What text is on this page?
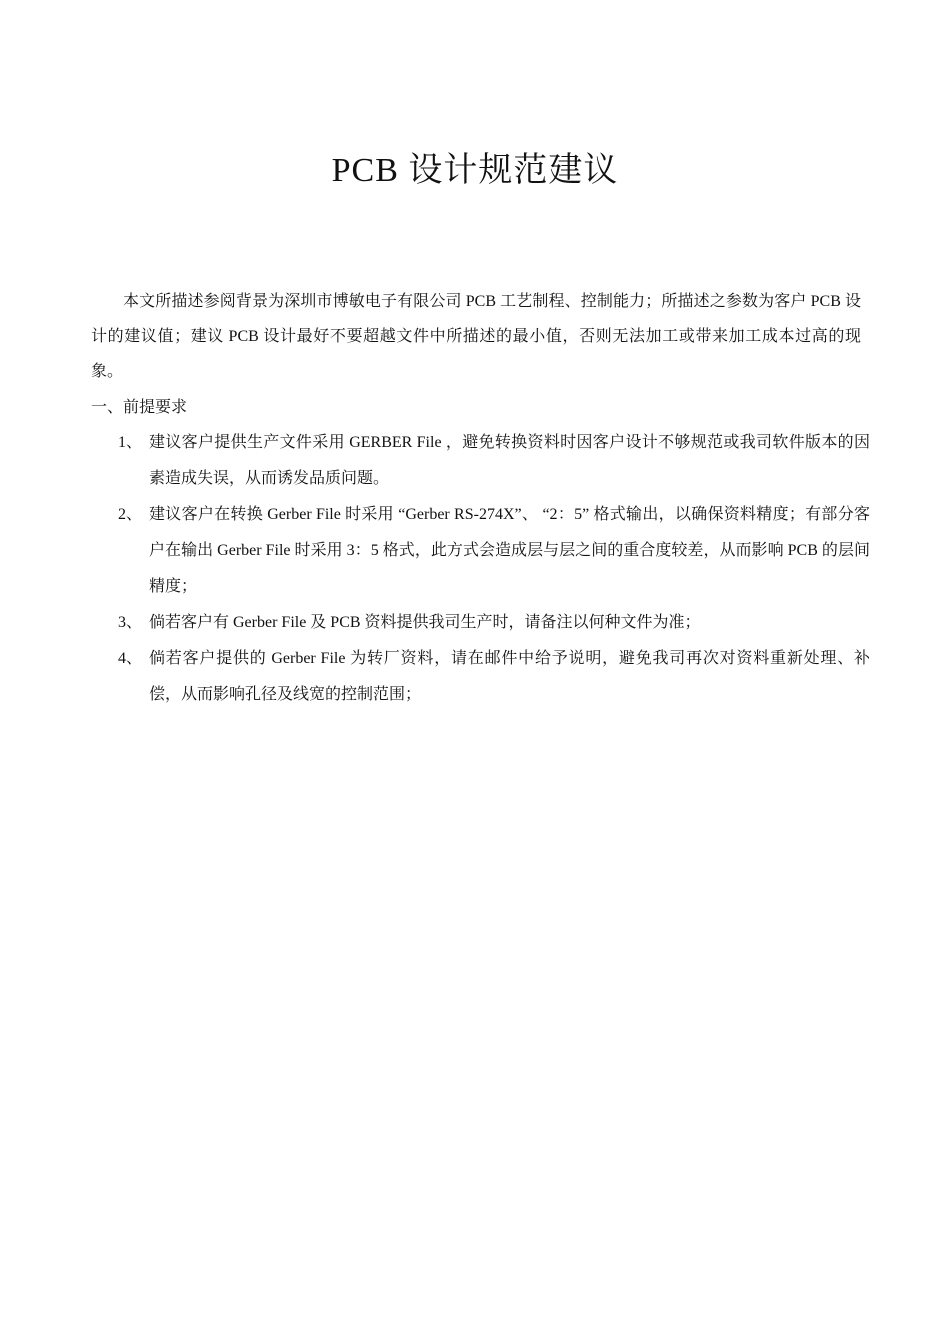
PCB 设计规范建议

本文所描述参阅背景为深圳市博敏电子有限公司 PCB 工艺制程、控制能力；所描述之参数为客户 PCB 设计的建议值；建议 PCB 设计最好不要超越文件中所描述的最小值，否则无法加工或带来加工成本过高的现象。

一、前提要求

1、 建议客户提供生产文件采用 GERBER File ，避免转换资料时因客户设计不够规范或我司软件版本的因素造成失误，从而诱发品质问题。
2、 建议客户在转换 Gerber File 时采用 “Gerber RS-274X”、 “2：5” 格式输出，以确保资料精度；有部分客户在输出 Gerber File 时采用 3：5 格式，此方式会造成层与层之间的重合度较差，从而影响 PCB 的层间精度；
3、 倘若客户有 Gerber File 及 PCB 资料提供我司生产时，请备注以何种文件为准；
4、 倘若客户提供的 Gerber File 为转厂资料，请在邮件中给予说明，避免我司再次对资料重新处理、补偿，从而影响孔径及线宽的控制范围；
